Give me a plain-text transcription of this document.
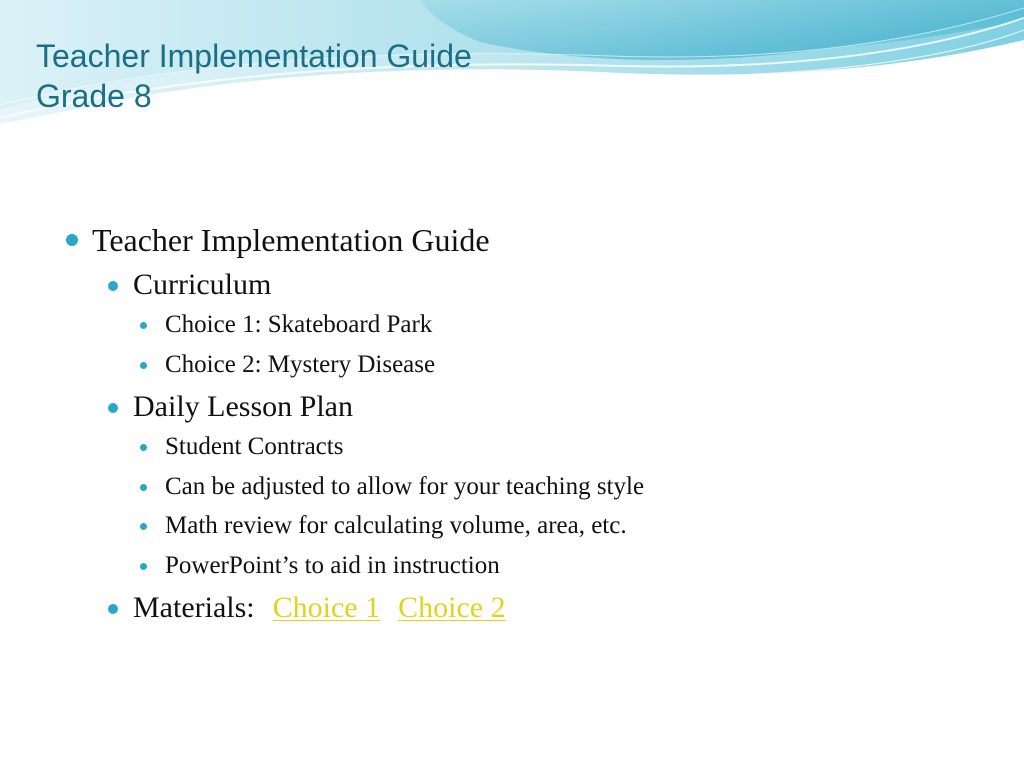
Teacher Implementation Guide
Grade 8
Teacher Implementation Guide
Curriculum
Choice 1: Skateboard Park
Choice 2: Mystery Disease
Daily Lesson Plan
Student Contracts
Can be adjusted to allow for your teaching style
Math review for calculating volume, area, etc.
PowerPoint’s to aid in instruction
Materials: Choice 1 Choice 2
